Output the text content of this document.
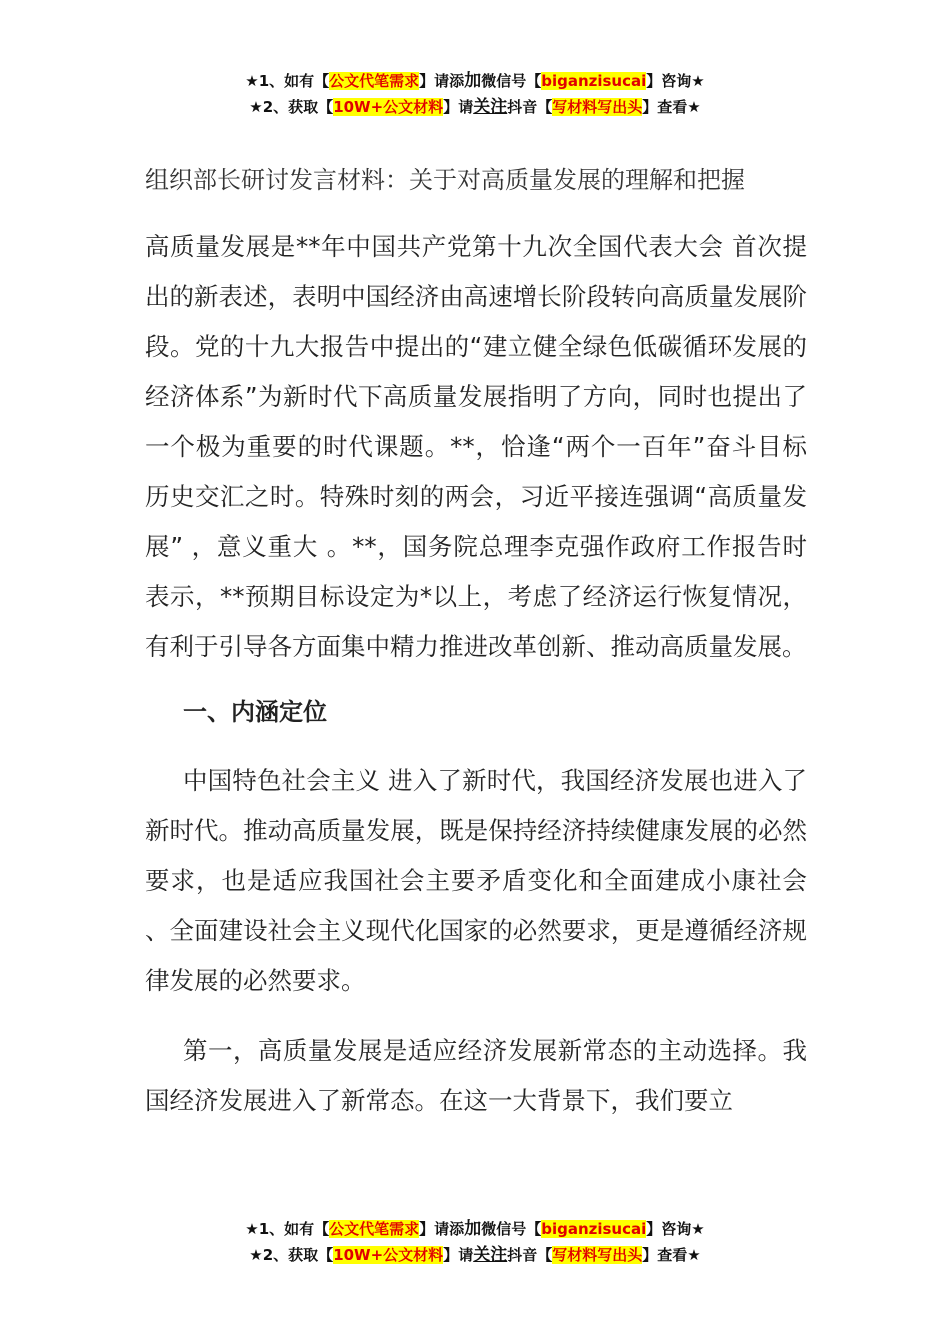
★1、如有【公文代笔需求】请添加微信号【biganzisucai】咨询★
★2、获取【10W+公文材料】请关注抖音【写材料写出头】查看★
组织部长研讨发言材料：关于对高质量发展的理解和把握

高质量发展是**年中国共产党第十九次全国代表大会 首次提出的新表述，表明中国经济由高速增长阶段转向高质量发展阶段。党的十九大报告中提出的“建立健全绿色低碳循环发展的经济体系”为新时代下高质量发展指明了方向，同时也提出了一个极为重要的时代课题。**，恰逢“两个一百年”奋斗目标历史交汇之时。特殊时刻的两会，习近平接连强调“高质量发展” ，意义重大 。**，国务院总理李克强作政府工作报告时表示，**预期目标设定为*以上，考虑了经济运行恢复情况，有利于引导各方面集中精力推进改革创新、推动高质量发展。

一、内涵定位

中国特色社会主义 进入了新时代，我国经济发展也进入了新时代。推动高质量发展，既是保持经济持续健康发展的必然要求，也是适应我国社会主要矛盾变化和全面建成小康社会 、全面建设社会主义现代化国家的必然要求，更是遵循经济规律发展的必然要求。

第一，高质量发展是适应经济发展新常态的主动选择。我国经济发展进入了新常态。在这一大背景下，我们要立

★1、如有【公文代笔需求】请添加微信号【biganzisucai】咨询★
★2、获取【10W+公文材料】请关注抖音【写材料写出头】查看★
